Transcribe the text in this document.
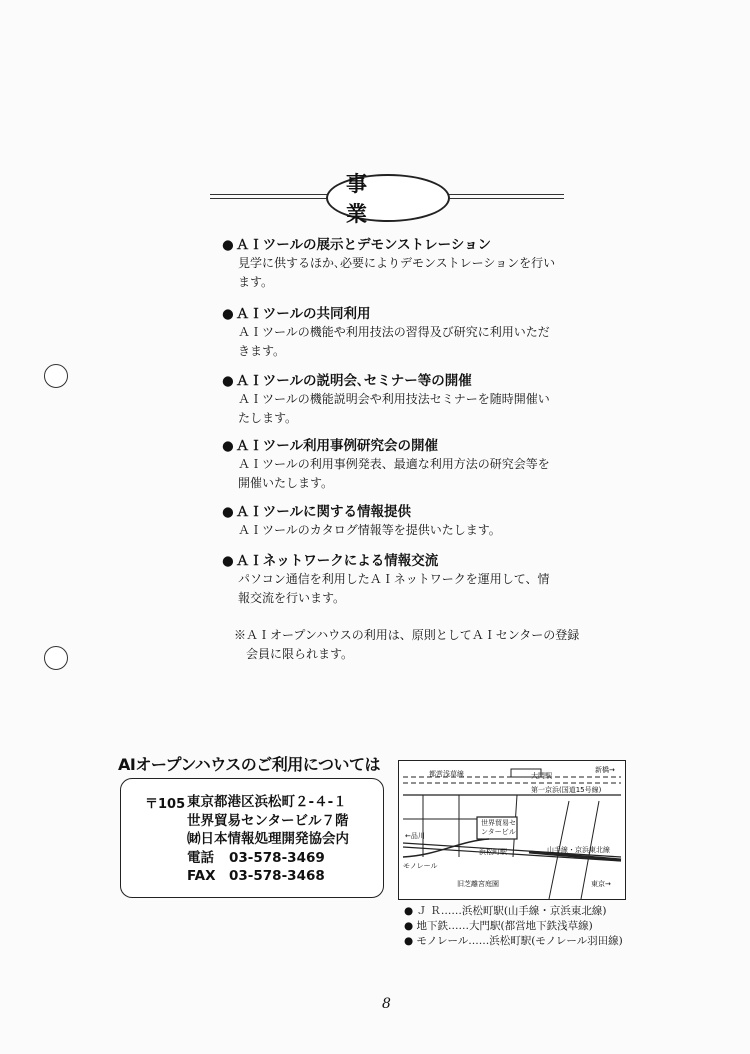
事 業
● ＡＩツールの展示とデモンストレーション
見学に供するほか､必要によりデモンストレーションを行います。
● ＡＩツールの共同利用
ＡＩツールの機能や利用技法の習得及び研究に利用いただきます。
● ＡＩツールの説明会､セミナー等の開催
ＡＩツールの機能説明会や利用技法セミナーを随時開催いたします。
● ＡＩツール利用事例研究会の開催
ＡＩツールの利用事例発表、最適な利用方法の研究会等を開催いたします。
● ＡＩツールに関する情報提供
ＡＩツールのカタログ情報等を提供いたします。
● ＡＩネットワークによる情報交流
パソコン通信を利用したＡＩネットワークを運用して、情報交流を行います。
※ＡＩオープンハウスの利用は、原則としてＡＩセンターの登録会員に限られます。
AIオープンハウスのご利用については
〒105 東京都港区浜松町２-４-１
世界貿易センタービル７階
㈶日本情報処理開発協会内
電話	03-578-3469
FAX 03-578-3468
大門駅
新橋→
都営浅草線
第一京浜(国道15号線)
世界貿易セ
ンタービル
浜松町駅
←品川
山手線・京浜東北線
モノレール
旧芝離宮庭園	東京→
● Ｊ Ｒ……浜松町駅(山手線・京浜東北線)
● 地下鉄……大門駅(都営地下鉄浅草線)
● モノレール……浜松町駅(モノレール羽田線)
8
